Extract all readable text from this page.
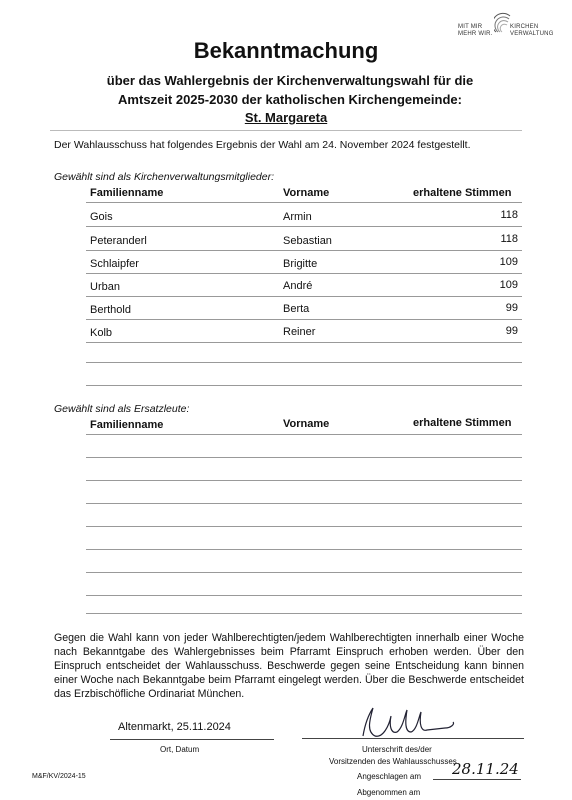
MIT MIR
MEHR WIR.
KIRCHEN
VERWALTUNG
Bekanntmachung
über das Wahlergebnis der Kirchenverwaltungswahl für die
Amtszeit 2025-2030 der katholischen Kirchengemeinde:
St. Margareta
Der Wahlausschuss hat folgendes Ergebnis der Wahl am 24. November 2024 festgestellt.
Gewählt sind als Kirchenverwaltungsmitglieder:
Familienname	Vorname	erhaltene Stimmen
Gois	Armin	118
Peteranderl	Sebastian	118
Schlaipfer	Brigitte	109
Urban	André	109
Berthold	Berta	99
Kolb	Reiner	99
Gewählt sind als Ersatzleute:
Familienname	Vorname	erhaltene Stimmen
Gegen die Wahl kann von jeder Wahlberechtigten/jedem Wahlberechtigten innerhalb einer Woche nach Bekanntgabe des Wahlergebnisses beim Pfarramt Einspruch erhoben werden. Über den Einspruch entscheidet der Wahlausschuss. Beschwerde gegen seine Entscheidung kann binnen einer Woche nach Bekanntgabe beim Pfarramt eingelegt werden. Über die Beschwerde entscheidet das Erzbischöfliche Ordinariat München.
Altenmarkt, 25.11.2024
Ort, Datum	Unterschrift des/der
Vorsitzenden des Wahlausschusses
Angeschlagen am 28.11.24
Abgenommen am
M&F/KV/2024-15
